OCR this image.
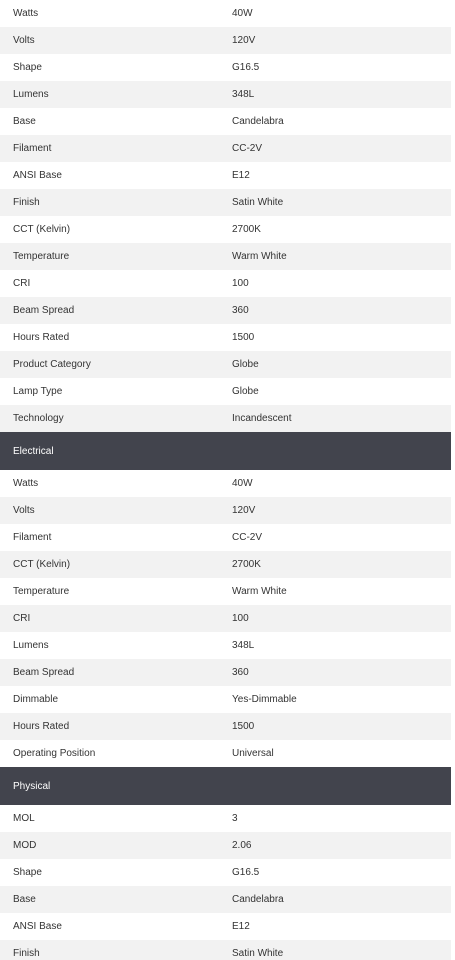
Watts	40W
Volts	120V
Shape	G16.5
Lumens	348L
Base	Candelabra
Filament	CC-2V
ANSI Base	E12
Finish	Satin White
CCT (Kelvin)	2700K
Temperature	Warm White
CRI	100
Beam Spread	360
Hours Rated	1500
Product Category	Globe
Lamp Type	Globe
Technology	Incandescent
Electrical
Watts	40W
Volts	120V
Filament	CC-2V
CCT (Kelvin)	2700K
Temperature	Warm White
CRI	100
Lumens	348L
Beam Spread	360
Dimmable	Yes-Dimmable
Hours Rated	1500
Operating Position	Universal
Physical
MOL	3
MOD	2.06
Shape	G16.5
Base	Candelabra
ANSI Base	E12
Finish	Satin White
